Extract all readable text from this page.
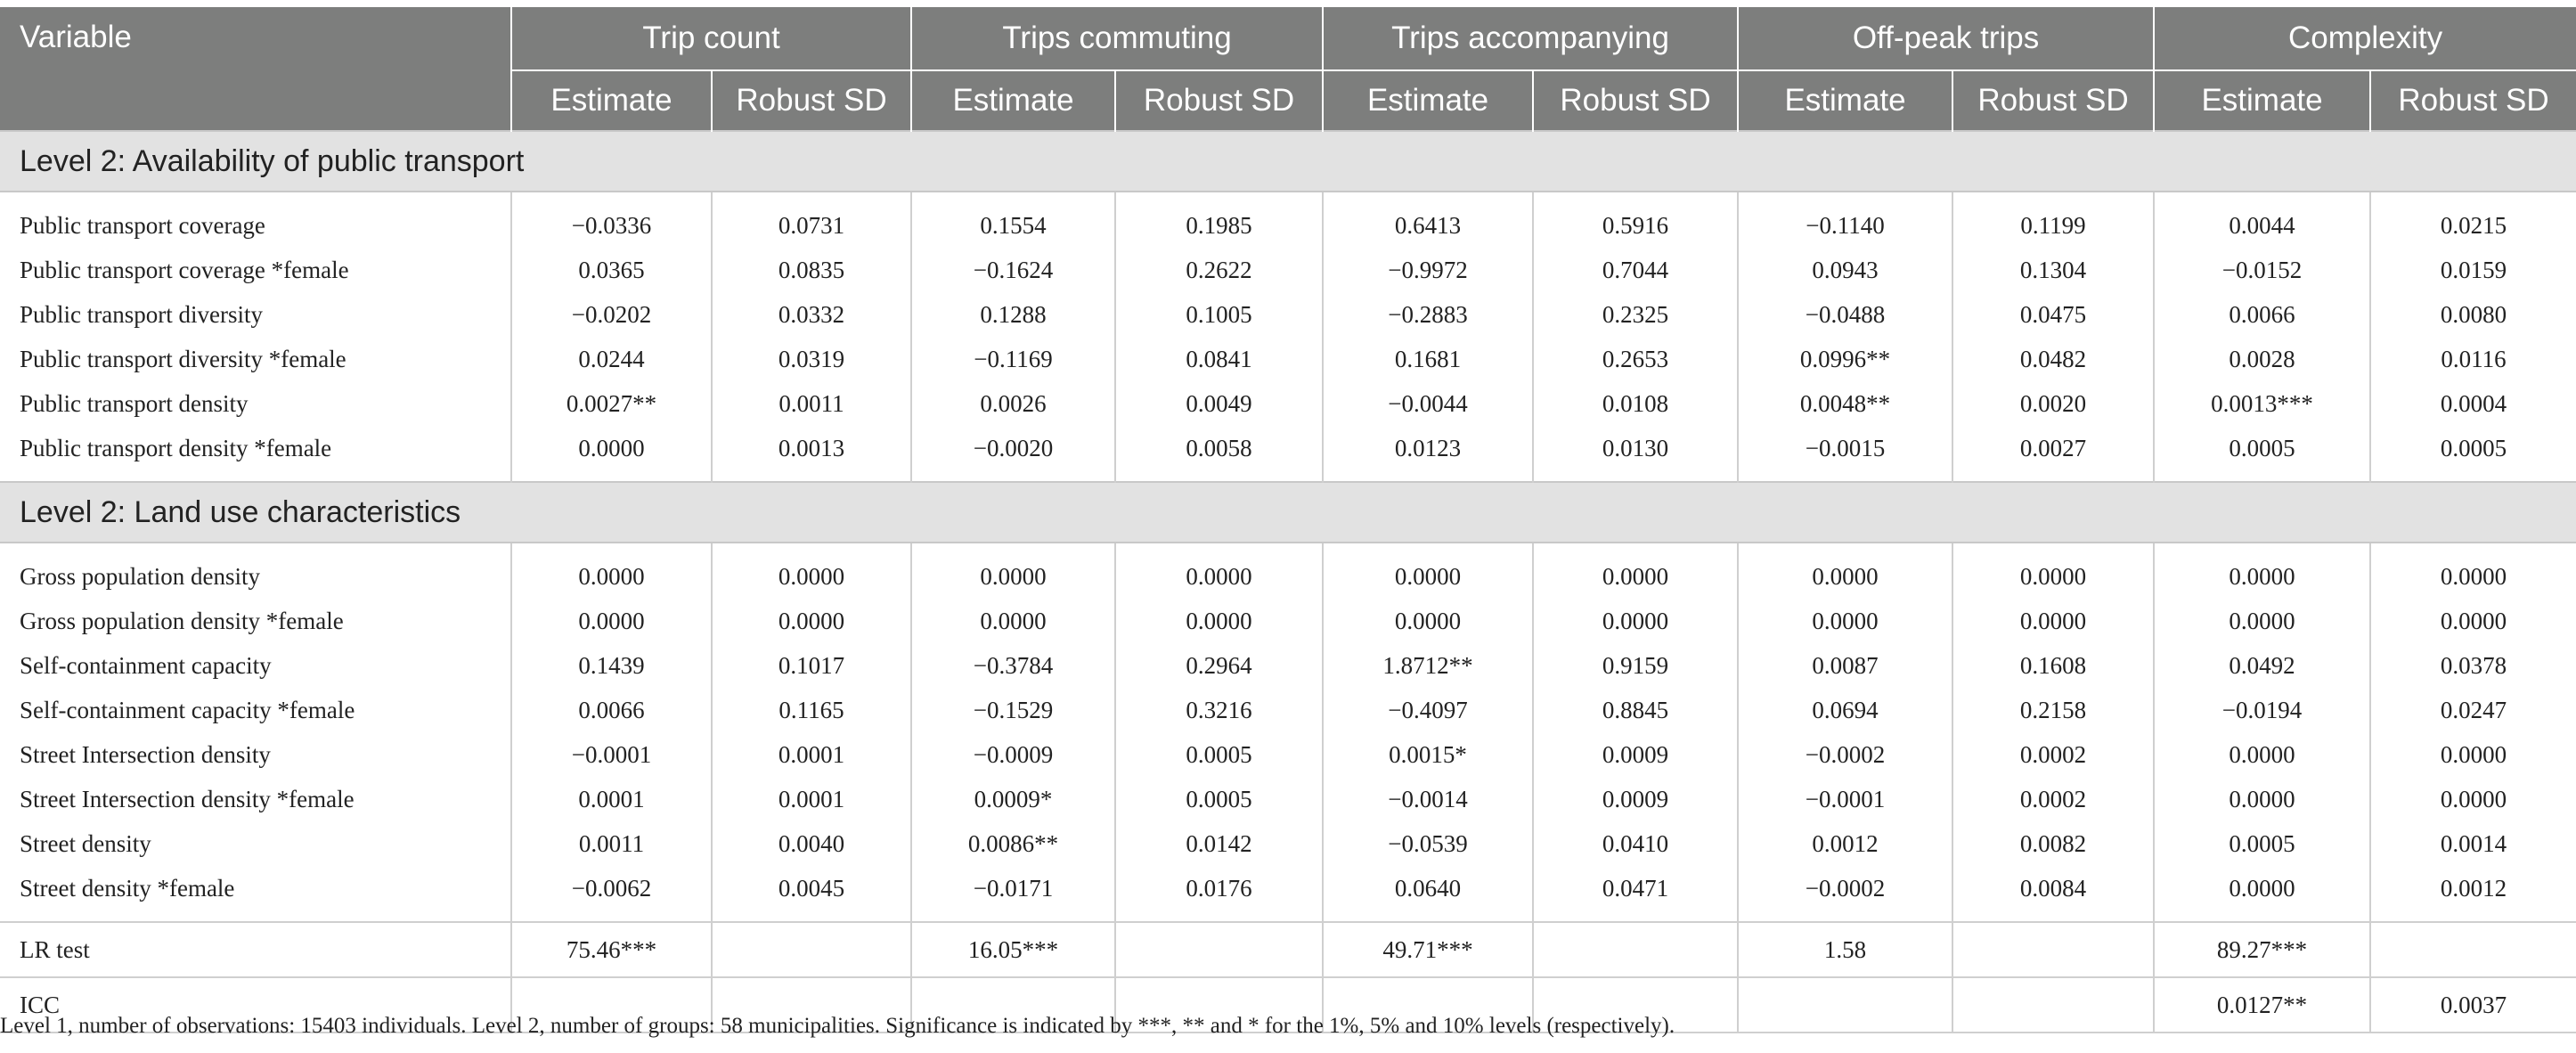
Variable	Trip count		Trips commuting		Trips accompanying		Off-peak trips		Complexity	
	Estimate	Robust SD	Estimate	Robust SD	Estimate	Robust SD	Estimate	Robust SD	Estimate	Robust SD
Level 2: Availability of public transport										
Public transport coverage	−0.0336	0.0731	0.1554	0.1985	0.6413	0.5916	−0.1140	0.1199	0.0044	0.0215
Public transport coverage *female	0.0365	0.0835	−0.1624	0.2622	−0.9972	0.7044	0.0943	0.1304	−0.0152	0.0159
Public transport diversity	−0.0202	0.0332	0.1288	0.1005	−0.2883	0.2325	−0.0488	0.0475	0.0066	0.0080
Public transport diversity *female	0.0244	0.0319	−0.1169	0.0841	0.1681	0.2653	0.0996**	0.0482	0.0028	0.0116
Public transport density	0.0027**	0.0011	0.0026	0.0049	−0.0044	0.0108	0.0048**	0.0020	0.0013***	0.0004
Public transport density *female	0.0000	0.0013	−0.0020	0.0058	0.0123	0.0130	−0.0015	0.0027	0.0005	0.0005
Level 2: Land use characteristics										
Gross population density	0.0000	0.0000	0.0000	0.0000	0.0000	0.0000	0.0000	0.0000	0.0000	0.0000
Gross population density *female	0.0000	0.0000	0.0000	0.0000	0.0000	0.0000	0.0000	0.0000	0.0000	0.0000
Self-containment capacity	0.1439	0.1017	−0.3784	0.2964	1.8712**	0.9159	0.0087	0.1608	0.0492	0.0378
Self-containment capacity *female	0.0066	0.1165	−0.1529	0.3216	−0.4097	0.8845	0.0694	0.2158	−0.0194	0.0247
Street Intersection density	−0.0001	0.0001	−0.0009	0.0005	0.0015*	0.0009	−0.0002	0.0002	0.0000	0.0000
Street Intersection density *female	0.0001	0.0001	0.0009*	0.0005	−0.0014	0.0009	−0.0001	0.0002	0.0000	0.0000
Street density	0.0011	0.0040	0.0086**	0.0142	−0.0539	0.0410	0.0012	0.0082	0.0005	0.0014
Street density *female	−0.0062	0.0045	−0.0171	0.0176	0.0640	0.0471	−0.0002	0.0084	0.0000	0.0012
LR test	75.46***		16.05***		49.71***		1.58		89.27***	
ICC									0.0127**	0.0037
Level 1, number of observations: 15403 individuals. Level 2, number of groups: 58 municipalities. Significance is indicated by ***, ** and * for the 1%, 5% and 10% levels (respectively).
